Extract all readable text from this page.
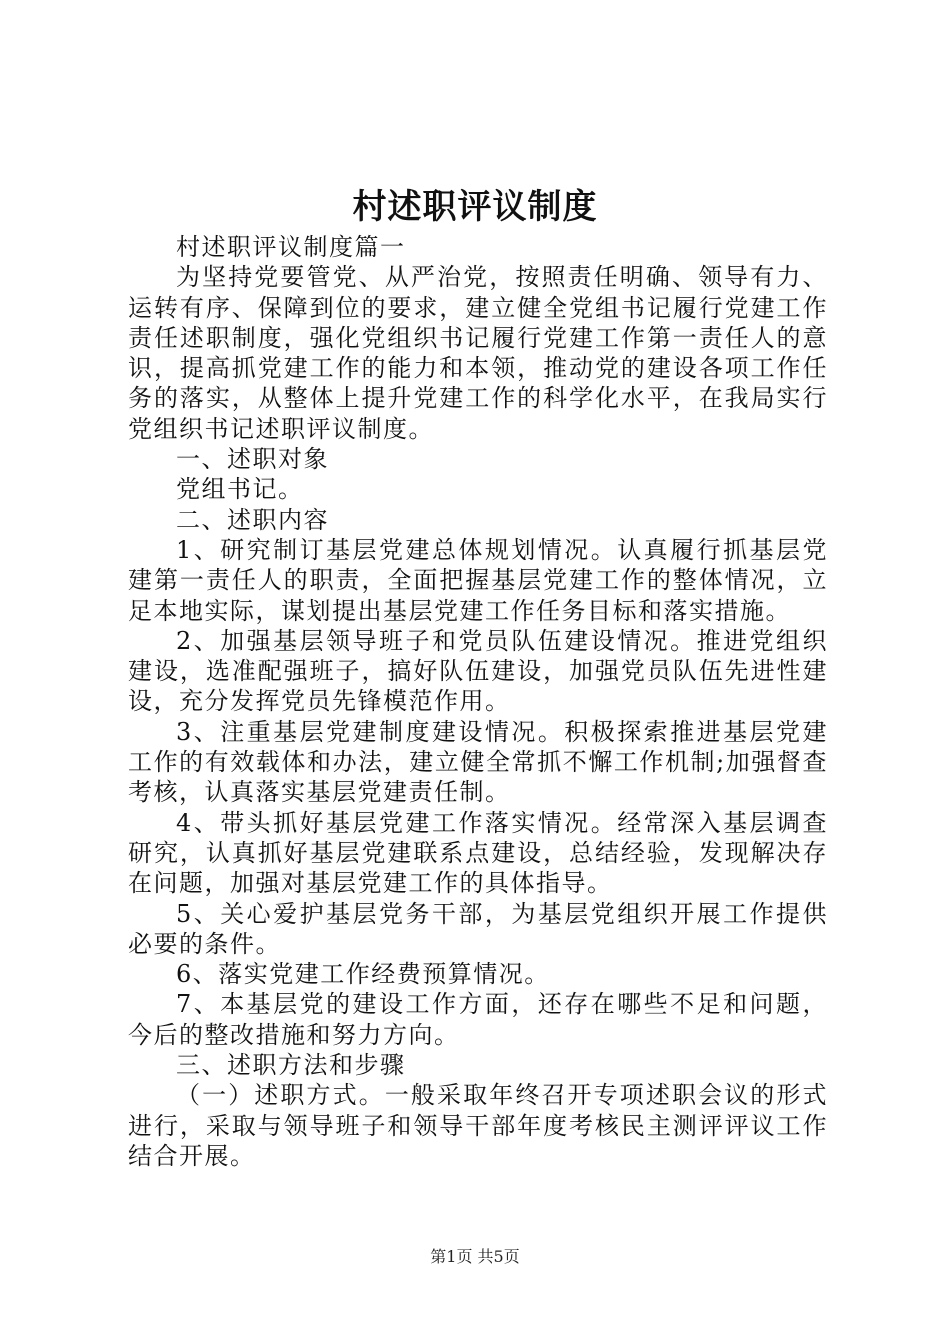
村述职评议制度

村述职评议制度篇一

为坚持党要管党、从严治党，按照责任明确、领导有力、运转有序、保障到位的要求，建立健全党组书记履行党建工作责任述职制度，强化党组织书记履行党建工作第一责任人的意识，提高抓党建工作的能力和本领，推动党的建设各项工作任务的落实，从整体上提升党建工作的科学化水平，在我局实行党组织书记述职评议制度。

一、述职对象

党组书记。

二、述职内容

1、研究制订基层党建总体规划情况。认真履行抓基层党建第一责任人的职责，全面把握基层党建工作的整体情况，立足本地实际，谋划提出基层党建工作任务目标和落实措施。

2、加强基层领导班子和党员队伍建设情况。推进党组织建设，选准配强班子，搞好队伍建设，加强党员队伍先进性建设，充分发挥党员先锋模范作用。

3、注重基层党建制度建设情况。积极探索推进基层党建工作的有效载体和办法，建立健全常抓不懈工作机制;加强督查考核，认真落实基层党建责任制。

4、带头抓好基层党建工作落实情况。经常深入基层调查研究，认真抓好基层党建联系点建设，总结经验，发现解决存在问题，加强对基层党建工作的具体指导。

5、关心爱护基层党务干部，为基层党组织开展工作提供必要的条件。

6、落实党建工作经费预算情况。

7、本基层党的建设工作方面，还存在哪些不足和问题，今后的整改措施和努力方向。

三、述职方法和步骤

（一）述职方式。一般采取年终召开专项述职会议的形式进行，采取与领导班子和领导干部年度考核民主测评评议工作结合开展。

第1页 共5页
